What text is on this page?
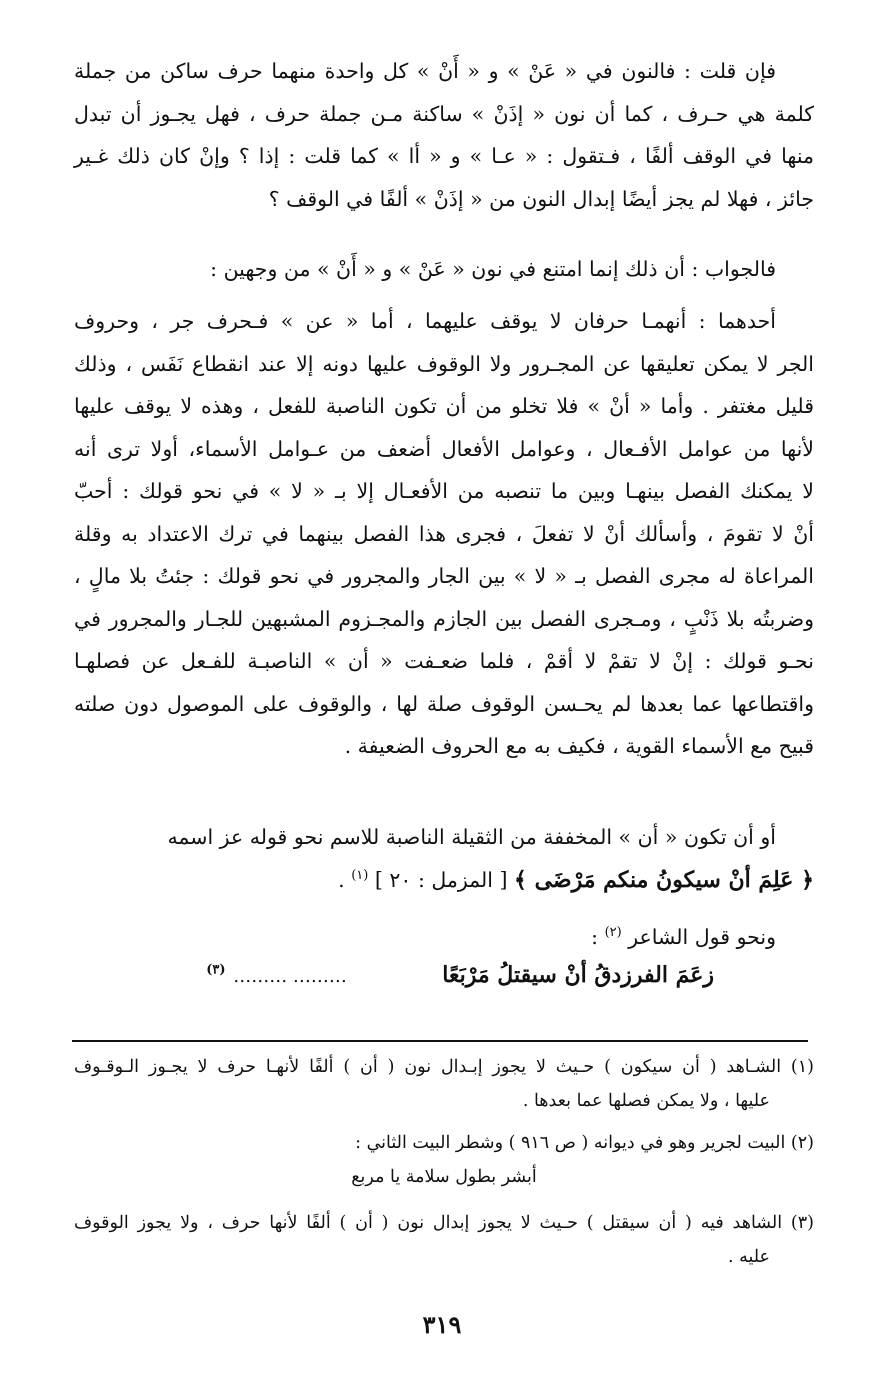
فإن قلت : فالنون في « عَنْ » و « أَنْ » كل واحدة منهما حرف ساكن من جملة
كلمة هي حـرف ، كما أن نون « إذَنْ » ساكنة مـن جملة حرف ، فهل يجـوز أن تبدل
منها في الوقف ألفًا ، فـتقول : « عـا » و « أا » كما قلت : إذا ؟ وإنْ كان ذلك غـير
جائز ، فهلا لم يجز أيضًا إبدال النون من « إذَنْ » ألفًا في الوقف ؟

فالجواب : أن ذلك إنما امتنع في نون « عَنْ » و « أَنْ » من وجهين :

أحدهما : أنهمـا حرفان لا يوقف عليهما ، أما « عن » فـحرف جر ، وحروف
الجر لا يمكن تعليقها عن المجـرور ولا الوقوف عليها دونه إلا عند انقطاع نَفَس ، وذلك
قليل مغتفر . وأما « أنْ » فلا تخلو من أن تكون الناصبة للفعل ، وهذه لا يوقف عليها
لأنها من عوامل الأفـعال ، وعوامل الأفعال أضعف من عـوامل الأسماء، أولا ترى أنه
لا يمكنك الفصل بينهـا وبين ما تنصبه من الأفعـال إلا بـ « لا » في نحو قولك : أحبّ
أنْ لا تقومَ ، وأسألك أنْ لا تفعلَ ، فجرى هذا الفصل بينهما في ترك الاعتداد به وقلة
المراعاة له مجرى الفصل بـ « لا » بين الجار والمجرور في نحو قولك : جئتُ بلا مالٍ ،
وضربتُه بلا ذَنْبٍ ، ومـجرى الفصل بين الجازم والمجـزوم المشبهين للجـار والمجرور في
نحـو قولك : إنْ لا تقمْ لا أقمْ ، فلما ضعـفت « أن » الناصبـة للفـعل عن فصلهـا
واقتطاعها عما بعدها لم يحـسن الوقوف صلة لها ، والوقوف على الموصول دون صلته
قبيح مع الأسماء القوية ، فكيف به مع الحروف الضعيفة .

أو أن تكون « أن » المخففة من الثقيلة الناصبة للاسم نحو قوله عز اسمه
﴿ عَلِمَ أنْ سيكونُ منكم مَرْضَى ﴾ [ المزمل : ٢٠ ] $^{(١)}$ .

ونحو قول الشاعر $^{(٢)}$ :

زعَمَ الفرزدقُ أنْ سيقتلُ مَرْبَعًا  ……… ……… $^{(٣)}$

(١) الشـاهد ( أن سيكون ) حـيث لا يجوز إبـدال نون ( أن ) ألفًا لأنهـا حرف لا يجـوز الـوقـوف
عليها ، ولا يمكن فصلها عما بعدها .

(٢) البيت لجرير وهو في ديوانه ( ص ٩١٦ ) وشطر البيت الثاني :
أبشر بطول سلامة يا مربع

(٣) الشاهد فيه ( أن سيقتل ) حـيث لا يجوز إبدال نون ( أن ) ألفًا لأنها حرف ، ولا يجوز الوقوف
عليه .

٣١٩
